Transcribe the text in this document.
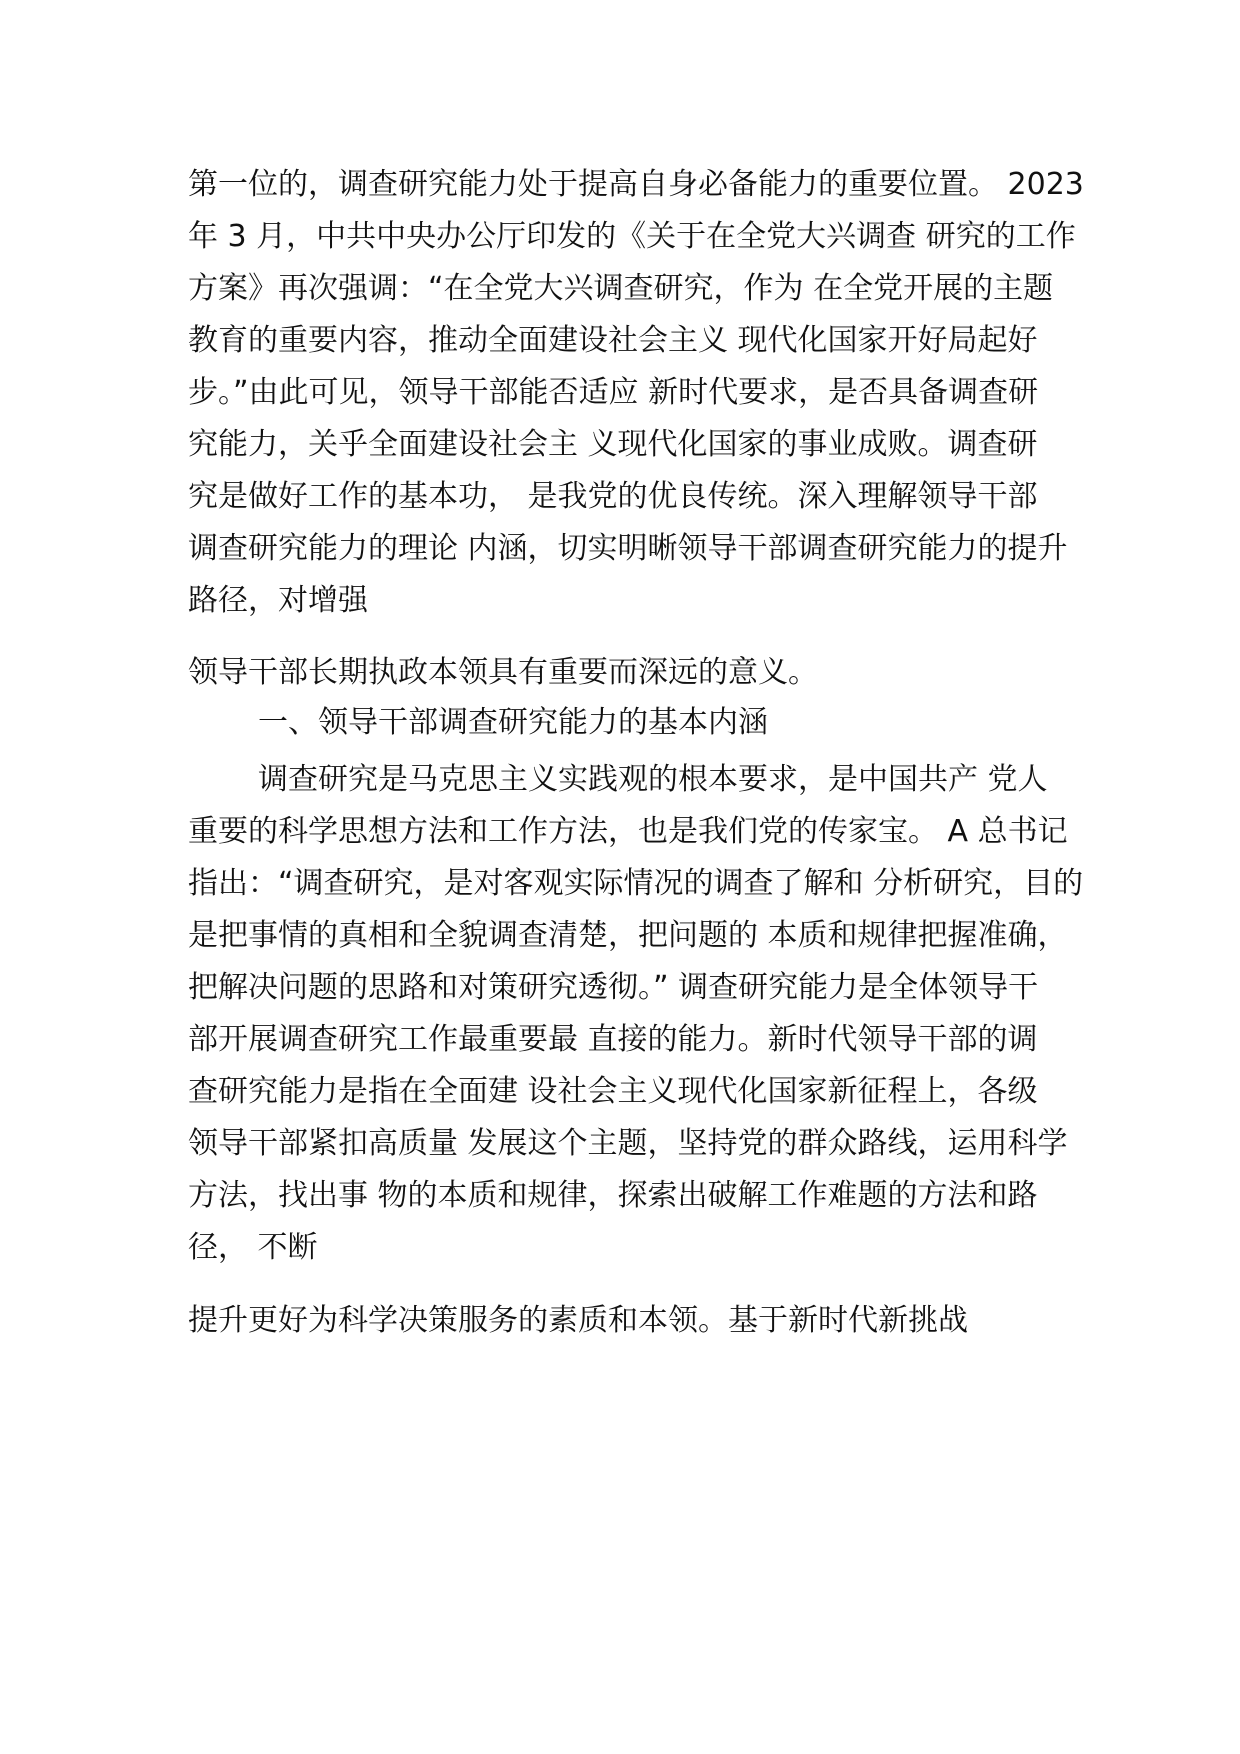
第一位的，调查研究能力处于提高自身必备能力的重要位置。 2023
年 3 月，中共中央办公厅印发的《关于在全党大兴调查 研究的工作
方案》再次强调：“在全党大兴调查研究，作为 在全党开展的主题
教育的重要内容，推动全面建设社会主义 现代化国家开好局起好
步。”由此可见，领导干部能否适应 新时代要求，是否具备调查研
究能力，关乎全面建设社会主 义现代化国家的事业成败。调查研
究是做好工作的基本功， 是我党的优良传统。深入理解领导干部
调查研究能力的理论 内涵，切实明晰领导干部调查研究能力的提升
路径，对增强
领导干部长期执政本领具有重要而深远的意义。
一、领导干部调查研究能力的基本内涵
调查研究是马克思主义实践观的根本要求，是中国共产 党人
重要的科学思想方法和工作方法，也是我们党的传家宝。 A 总书记
指出：“调查研究，是对客观实际情况的调查了解和 分析研究，目的
是把事情的真相和全貌调查清楚，把问题的 本质和规律把握准确，
把解决问题的思路和对策研究透彻。” 调查研究能力是全体领导干
部开展调查研究工作最重要最 直接的能力。新时代领导干部的调
查研究能力是指在全面建 设社会主义现代化国家新征程上，各级
领导干部紧扣高质量 发展这个主题，坚持党的群众路线，运用科学
方法，找出事 物的本质和规律，探索出破解工作难题的方法和路
径， 不断
提升更好为科学决策服务的素质和本领。基于新时代新挑战
